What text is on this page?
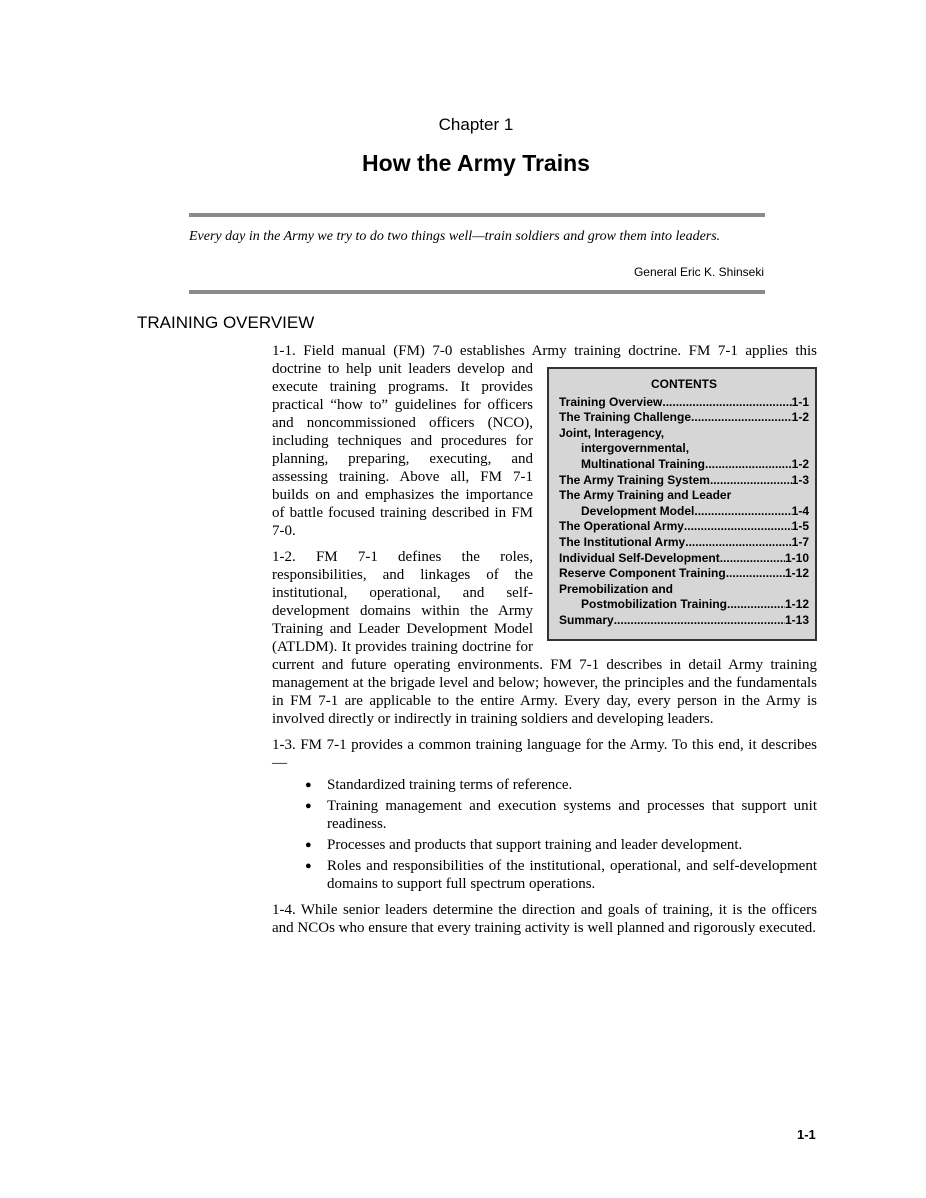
Chapter 1
How the Army Trains
Every day in the Army we try to do two things well—train soldiers and grow them into leaders.
General Eric K. Shinseki
TRAINING OVERVIEW

CONTENTS
Training Overview .....	1-1
The Training Challenge .....	1-2
Joint, Interagency,
intergovernmental,
Multinational Training .....	1-2
The Army Training System .....	1-3
The Army Training and Leader
Development Model .....	1-4
The Operational Army .....	1-5
The Institutional Army .....	1-7
Individual Self-Development .....	1-10
Reserve Component Training .....	1-12
Premobilization and
Postmobilization Training .....	1-12
Summary .....	1-13
1-1. Field manual (FM) 7-0 establishes Army training doctrine. FM 7-1 applies this doctrine to help unit leaders develop and execute training programs. It provides practical “how to” guidelines for officers and noncommissioned officers (NCO), including techniques and procedures for planning, preparing, executing, and assessing training. Above all, FM 7-1 builds on and emphasizes the importance of battle focused training described in FM 7-0.

1-2. FM 7-1 defines the roles, responsibilities, and linkages of the institutional, operational, and self-development domains within the Army Training and Leader Development Model (ATLDM). It provides training doctrine for current and future operating environments. FM 7-1 describes in detail Army training management at the brigade level and below; however, the principles and the fundamentals in FM 7-1 are applicable to the entire Army. Every day, every person in the Army is involved directly or indirectly in training soldiers and developing leaders.

1-3. FM 7-1 provides a common training language for the Army. To this end, it describes—

● Standardized training terms of reference.
● Training management and execution systems and processes that support unit readiness.
● Processes and products that support training and leader development.
● Roles and responsibilities of the institutional, operational, and self-development domains to support full spectrum operations.

1-4. While senior leaders determine the direction and goals of training, it is the officers and NCOs who ensure that every training activity is well planned and rigorously executed.

1-1
